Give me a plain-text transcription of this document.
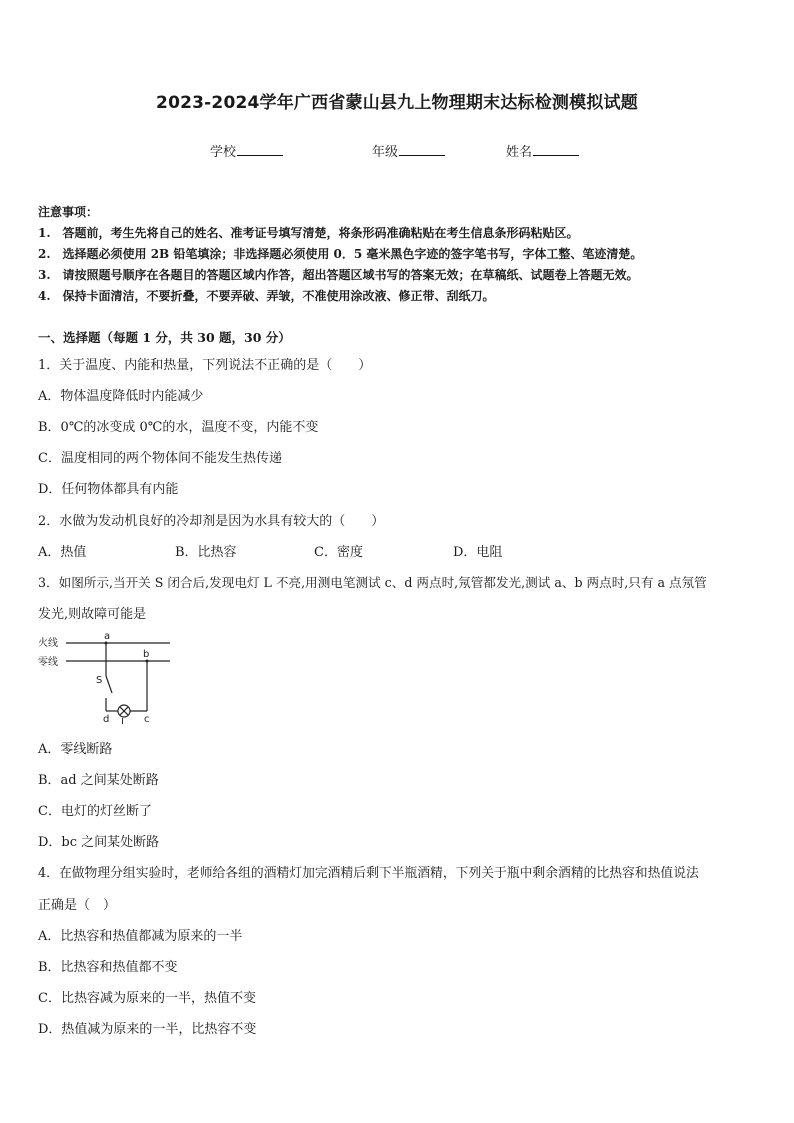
2023-2024学年广西省蒙山县九上物理期末达标检测模拟试题
学校	年级	姓名
注意事项：
1.　答题前，考生先将自己的姓名、准考证号填写清楚，将条形码准确粘贴在考生信息条形码粘贴区。
2.　选择题必须使用 2B 铅笔填涂；非选择题必须使用 0．5 毫米黑色字迹的签字笔书写，字体工整、笔迹清楚。
3.　请按照题号顺序在各题目的答题区域内作答，超出答题区域书写的答案无效；在草稿纸、试题卷上答题无效。
4.　保持卡面清洁，不要折叠，不要弄破、弄皱，不准使用涂改液、修正带、刮纸刀。
一、选择题（每题 1 分，共 30 题，30 分）
1．关于温度、内能和热量，下列说法不正确的是（　　）
A．物体温度降低时内能减少
B．0℃的冰变成 0℃的水，温度不变，内能不变
C．温度相同的两个物体间不能发生热传递
D．任何物体都具有内能
2．水做为发动机良好的冷却剂是因为水具有较大的（　　）
A．热值	B．比热容	C．密度	D．电阻
3．如图所示,当开关 S 闭合后,发现电灯 L 不亮,用测电笔测试 c、d 两点时,氖管都发光,测试 a、b 两点时,只有 a 点氖管
发光,则故障可能是
火线
零线
a
b
S
d L c
A．零线断路
B．ad 之间某处断路
C．电灯的灯丝断了
D．bc 之间某处断路
4．在做物理分组实验时，老师给各组的酒精灯加完酒精后剩下半瓶酒精，下列关于瓶中剩余酒精的比热容和热值说法
正确是（　）
A．比热容和热值都减为原来的一半
B．比热容和热值都不变
C．比热容减为原来的一半，热值不变
D．热值减为原来的一半，比热容不变
